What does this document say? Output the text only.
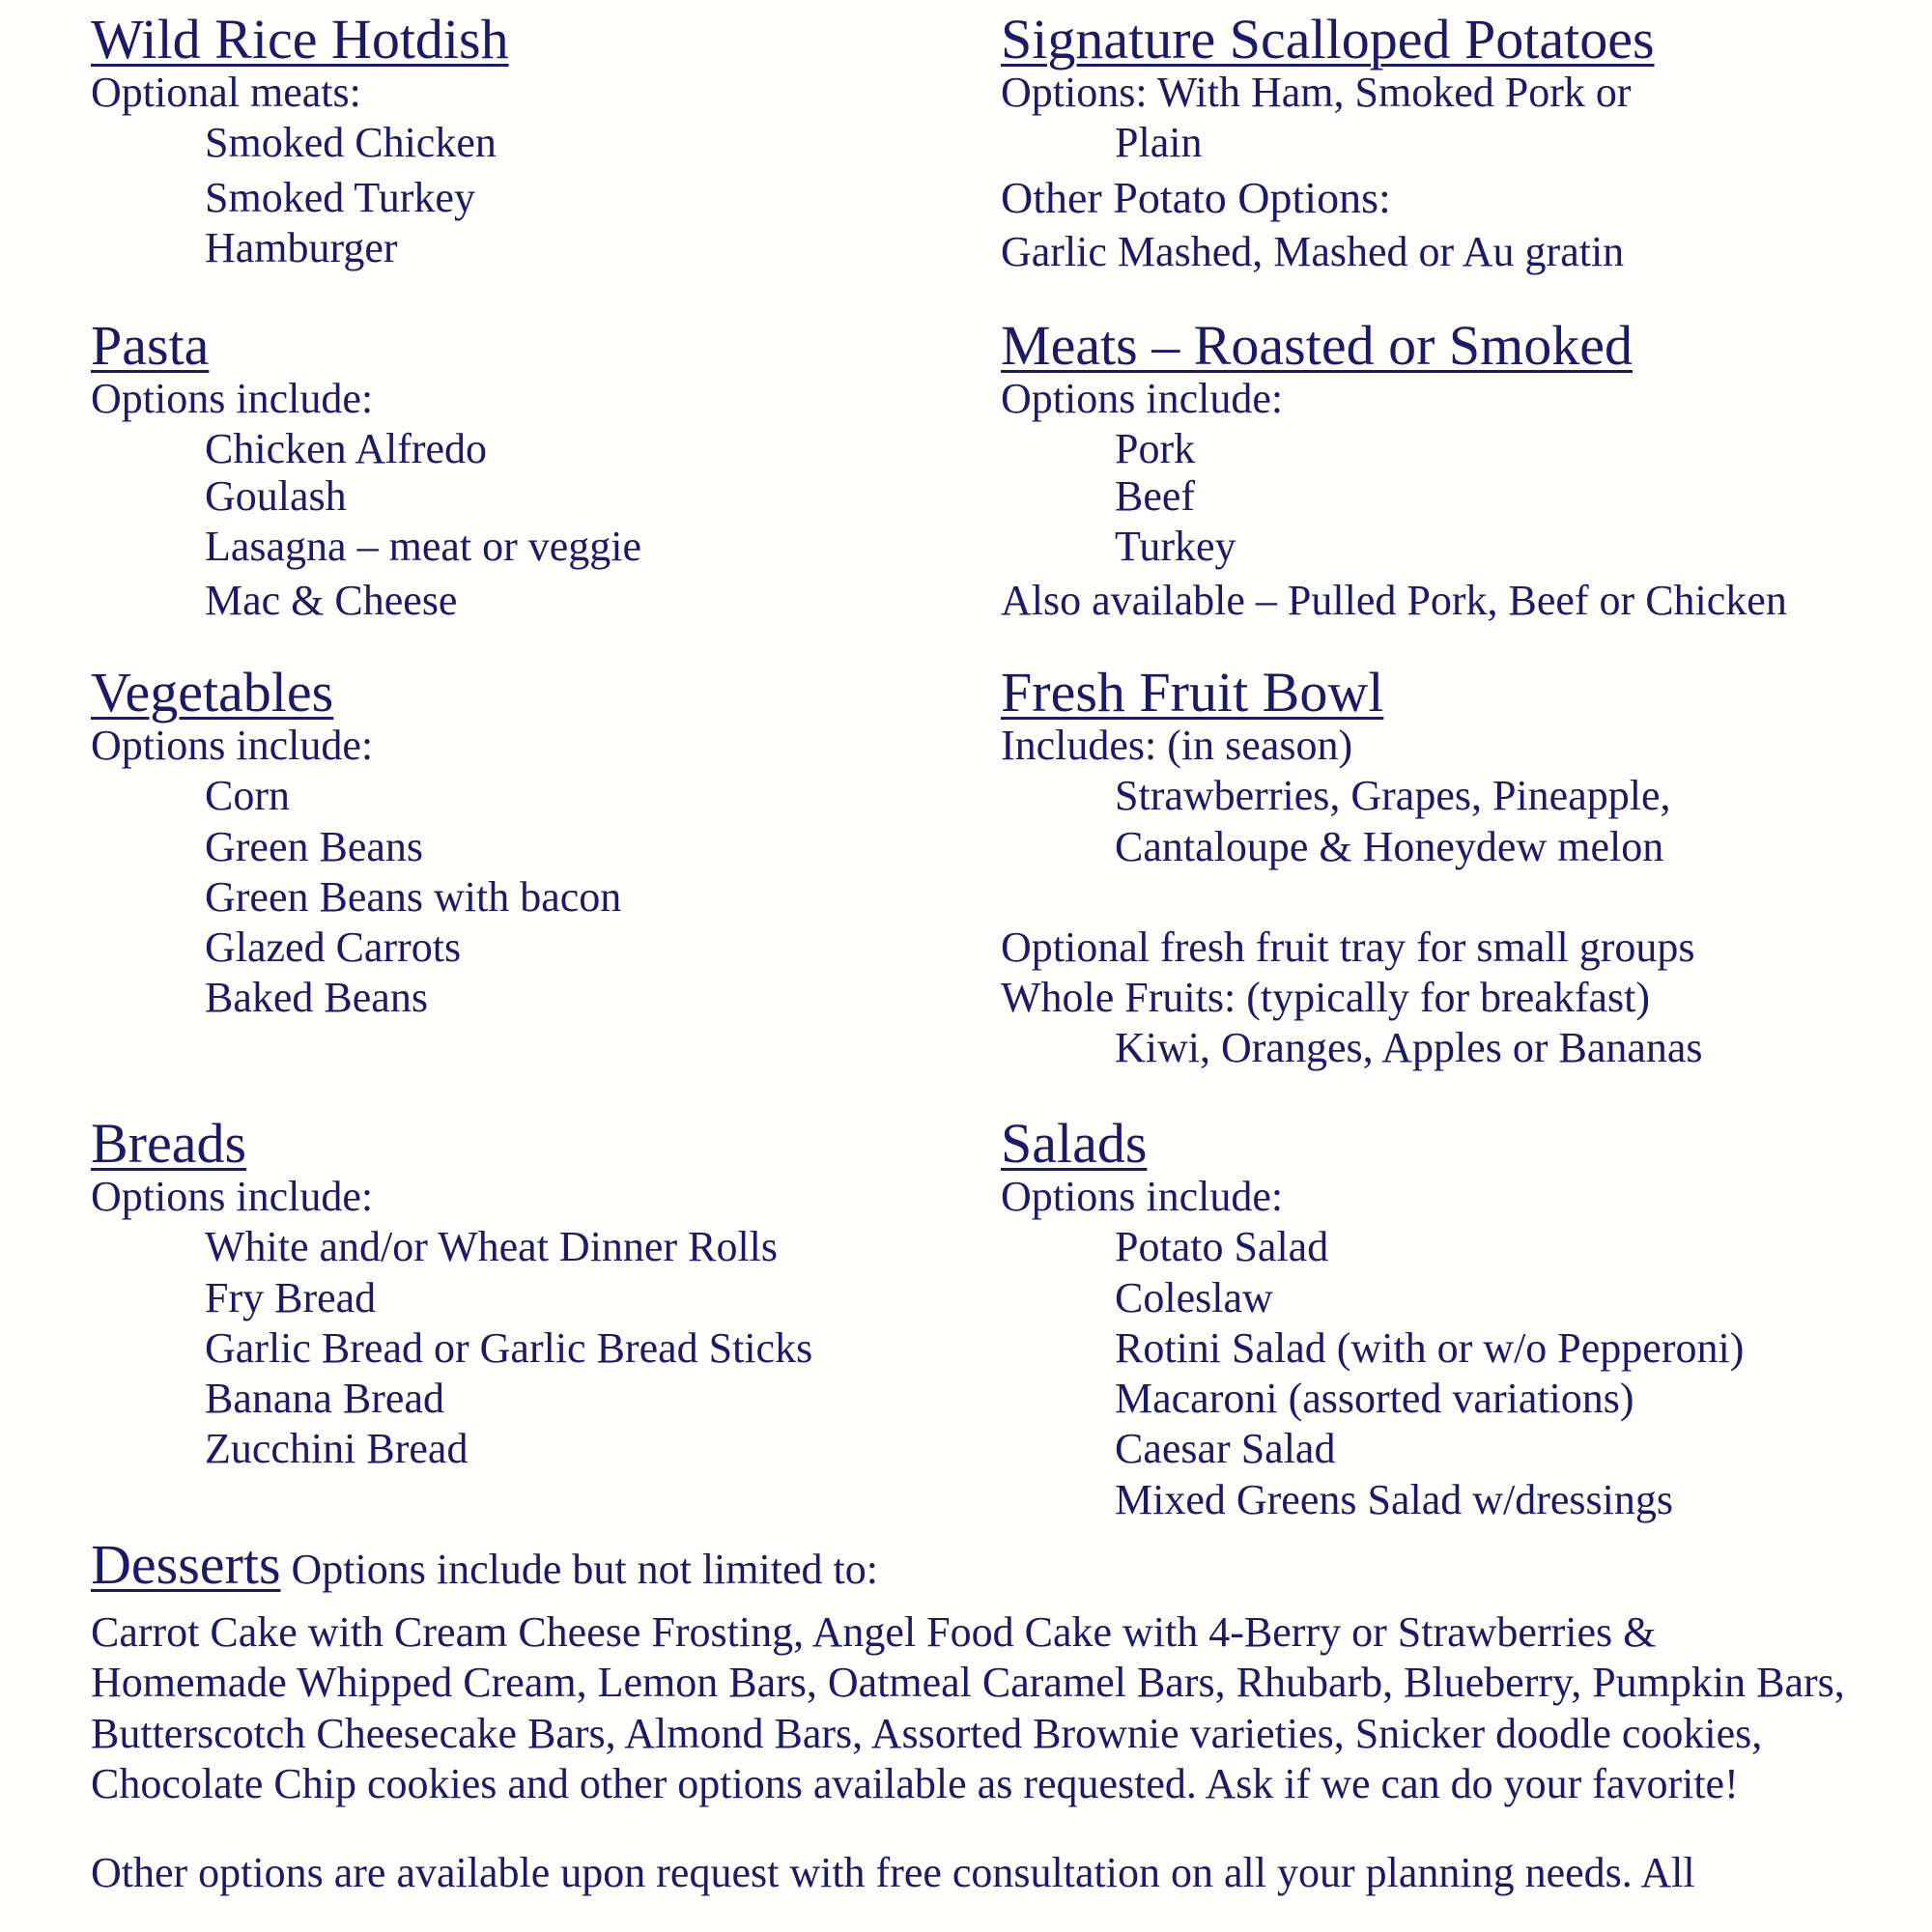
Wild Rice Hotdish
Optional meats:
Smoked Chicken
Smoked Turkey
Hamburger
Pasta
Options include:
Chicken Alfredo
Goulash
Lasagna – meat or veggie
Mac & Cheese
Vegetables
Options include:
Corn
Green Beans
Green Beans with bacon
Glazed Carrots
Baked Beans
Breads
Options include:
White and/or Wheat Dinner Rolls
Fry Bread
Garlic Bread or Garlic Bread Sticks
Banana Bread
Zucchini Bread
Signature Scalloped Potatoes
Options: With Ham, Smoked Pork or
Plain
Other Potato Options:
Garlic Mashed, Mashed or Au gratin
Meats – Roasted or Smoked
Options include:
Pork
Beef
Turkey
Also available – Pulled Pork, Beef or Chicken
Fresh Fruit Bowl
Includes: (in season)
Strawberries, Grapes, Pineapple,
Cantaloupe & Honeydew melon
Optional fresh fruit tray for small groups
Whole Fruits: (typically for breakfast)
Kiwi, Oranges, Apples or Bananas
Salads
Options include:
Potato Salad
Coleslaw
Rotini Salad (with or w/o Pepperoni)
Macaroni (assorted variations)
Caesar Salad
Mixed Greens Salad w/dressings
Desserts Options include but not limited to:
Carrot Cake with Cream Cheese Frosting, Angel Food Cake with 4-Berry or Strawberries & Homemade Whipped Cream, Lemon Bars, Oatmeal Caramel Bars, Rhubarb, Blueberry, Pumpkin Bars, Butterscotch Cheesecake Bars, Almond Bars, Assorted Brownie varieties, Snicker doodle cookies, Chocolate Chip cookies and other options available as requested. Ask if we can do your favorite!
Other options are available upon request with free consultation on all your planning needs. All
